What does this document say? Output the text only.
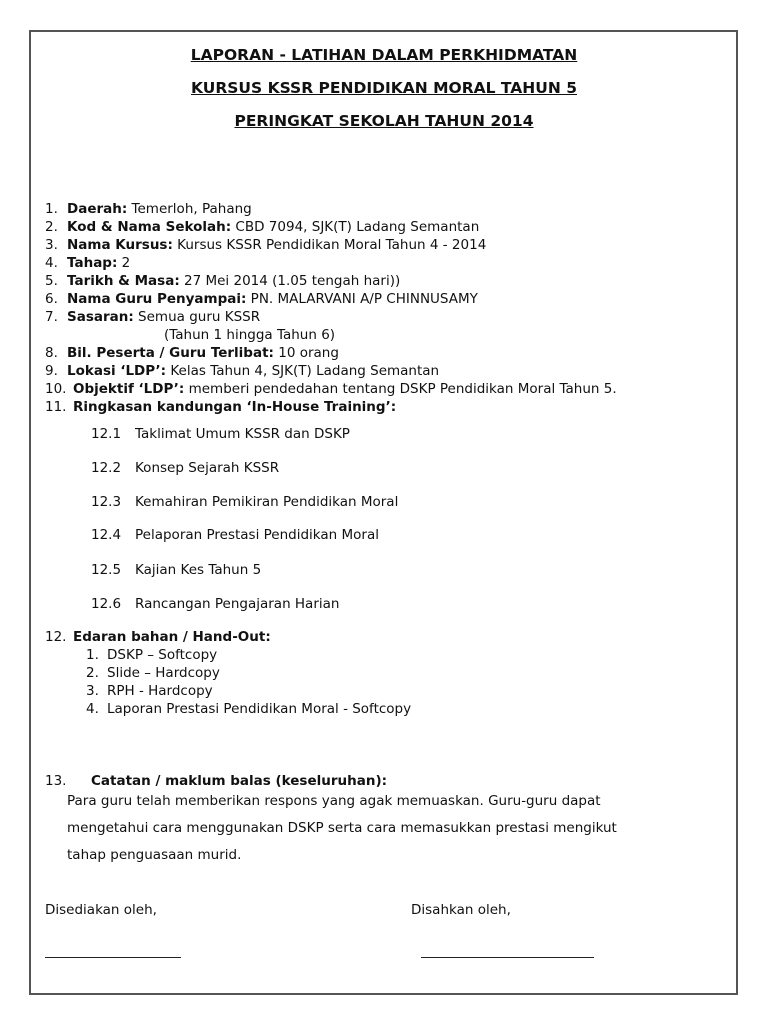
LAPORAN - LATIHAN DALAM PERKHIDMATAN
KURSUS KSSR PENDIDIKAN MORAL TAHUN 5
PERINGKAT SEKOLAH TAHUN 2014
1. Daerah: Temerloh, Pahang
2. Kod & Nama Sekolah: CBD 7094, SJK(T) Ladang Semantan
3. Nama Kursus: Kursus KSSR Pendidikan Moral Tahun 4 - 2014
4. Tahap: 2
5. Tarikh & Masa: 27 Mei 2014 (1.05 tengah hari))
6. Nama Guru Penyampai: PN. MALARVANI A/P CHINNUSAMY
7. Sasaran: Semua guru KSSR
(Tahun 1 hingga Tahun 6)
8. Bil. Peserta / Guru Terlibat: 10 orang
9. Lokasi ‘LDP’: Kelas Tahun 4, SJK(T) Ladang Semantan
10. Objektif ‘LDP’: memberi pendedahan tentang DSKP Pendidikan Moral Tahun 5.
11. Ringkasan kandungan ‘In-House Training’:
12.1 Taklimat Umum KSSR dan DSKP
12.2 Konsep Sejarah KSSR
12.3 Kemahiran Pemikiran Pendidikan Moral
12.4 Pelaporan Prestasi Pendidikan Moral
12.5 Kajian Kes Tahun 5
12.6 Rancangan Pengajaran Harian
12. Edaran bahan / Hand-Out:
1. DSKP – Softcopy
2. Slide – Hardcopy
3. RPH - Hardcopy
4. Laporan Prestasi Pendidikan Moral - Softcopy
13. Catatan / maklum balas (keseluruhan):
Para guru telah memberikan respons yang agak memuaskan. Guru-guru dapat
mengetahui cara menggunakan DSKP serta cara memasukkan prestasi mengikut
tahap penguasaan murid.
Disediakan oleh,	Disahkan oleh,
